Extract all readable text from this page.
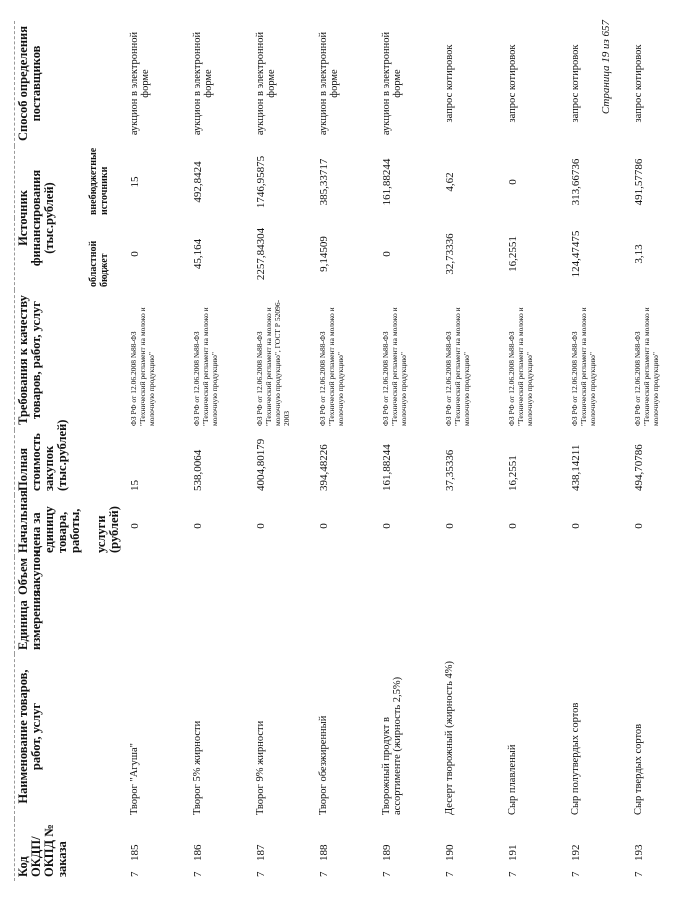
Код ОКДП/ ОКПД № заказа	Наименование товаров, работ, услуг	Единица измерения	Объем закупок	Начальная цена за единицу товара, работы, услуги (рублей)	Полная стоимость закупок (тыс.рублей)	Требования к качеству товаров, работ, услуг	Источник финансирования (тыс.рублей)		Способ определения поставщиков
							областной бюджет	внебюджетные источники	
7185	Творог "Агуша"			0	15	ФЗ РФ от 12.06.2008 №88-ФЗ "Технический регламент на молоко и молочную продукцию"	0	15	аукцион в электронной форме
7186	Творог 5% жирности			0	538,0064	ФЗ РФ от 12.06.2008 №88-ФЗ "Технический регламент на молоко и молочную продукцию"	45,164	492,8424	аукцион в электронной форме
7187	Творог 9% жирности			0	4004,80179	ФЗ РФ от 12.06.2008 №88-ФЗ "Технический регламент на молоко и молочную продукцию", ГОСТ Р 52096-2003	2257,84304	1746,95875	аукцион в электронной форме
7188	Творог обезжиренный			0	394,48226	ФЗ РФ от 12.06.2008 №88-ФЗ "Технический регламент на молоко и молочную продукцию"	9,14509	385,33717	аукцион в электронной форме
7189	Творожный продукт в ассортименте (жирность 2,5%)			0	161,88244	ФЗ РФ от 12.06.2008 №88-ФЗ "Технический регламент на молоко и молочную продукцию"	0	161,88244	аукцион в электронной форме
7190	Десерт творожный (жирность 4%)			0	37,35336	ФЗ РФ от 12.06.2008 №88-ФЗ "Технический регламент на молоко и молочную продукцию"	32,73336	4,62	запрос котировок
7191	Сыр плавленый			0	16,2551	ФЗ РФ от 12.06.2008 №88-ФЗ "Технический регламент на молоко и молочную продукцию"	16,2551	0	запрос котировок
7192	Сыр полутвердых сортов			0	438,14211	ФЗ РФ от 12.06.2008 №88-ФЗ "Технический регламент на молоко и молочную продукцию"	124,47475	313,66736	запрос котировок
7193	Сыр твердых сортов			0	494,70786	ФЗ РФ от 12.06.2008 №88-ФЗ "Технический регламент на молоко и молочную продукцию"	3,13	491,57786	запрос котировок
Страница 19 из 657
